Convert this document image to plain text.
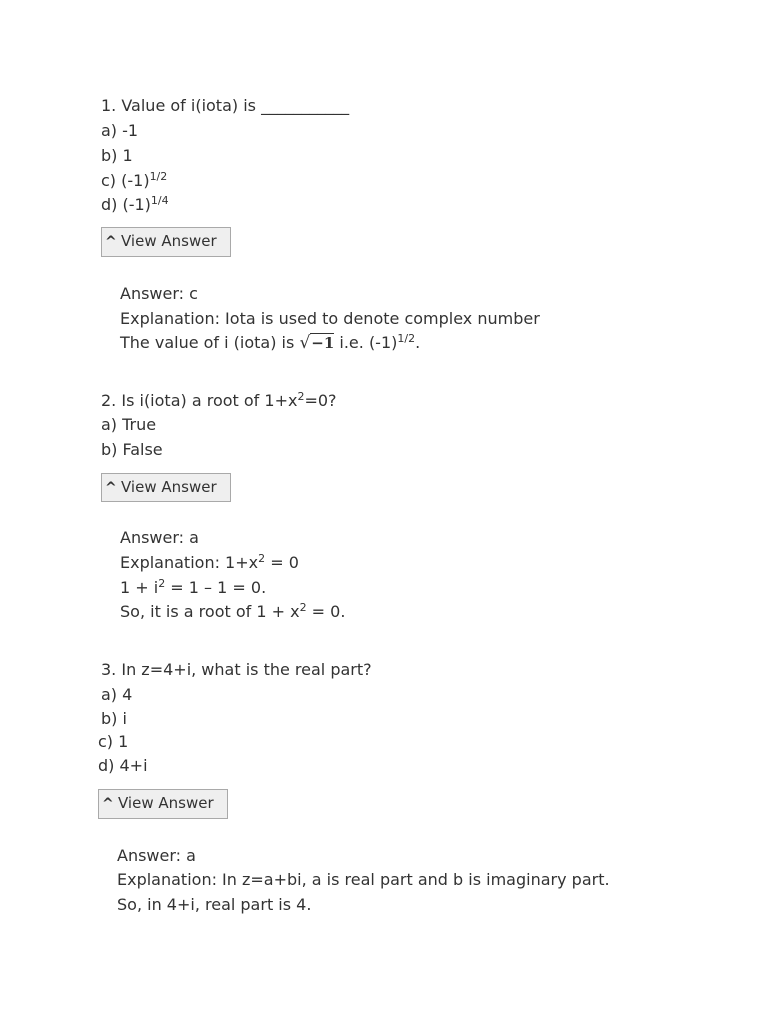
1. Value of i(iota) is ___________
a) -1
b) 1
c) $(-1)^{1/2}$
d) $(-1)^{1/4}$
^ View Answer
Answer: c
Explanation: Iota is used to denote complex number
The value of i (iota) is √−1 i.e. $(-1)^{1/2}$.
2. Is i(iota) a root of $1+x^2=0$?
a) True
b) False
^ View Answer
Answer: a
Explanation: $1+x^2 = 0$
$1 + i^2 = 1 - 1 = 0$.
So, it is a root of $1 + x^2 = 0$.
3. In z=4+i, what is the real part?
a) 4
b) i
c) 1
d) 4+i
^ View Answer
Answer: a
Explanation: In z=a+bi, a is real part and b is imaginary part.
So, in 4+i, real part is 4.
